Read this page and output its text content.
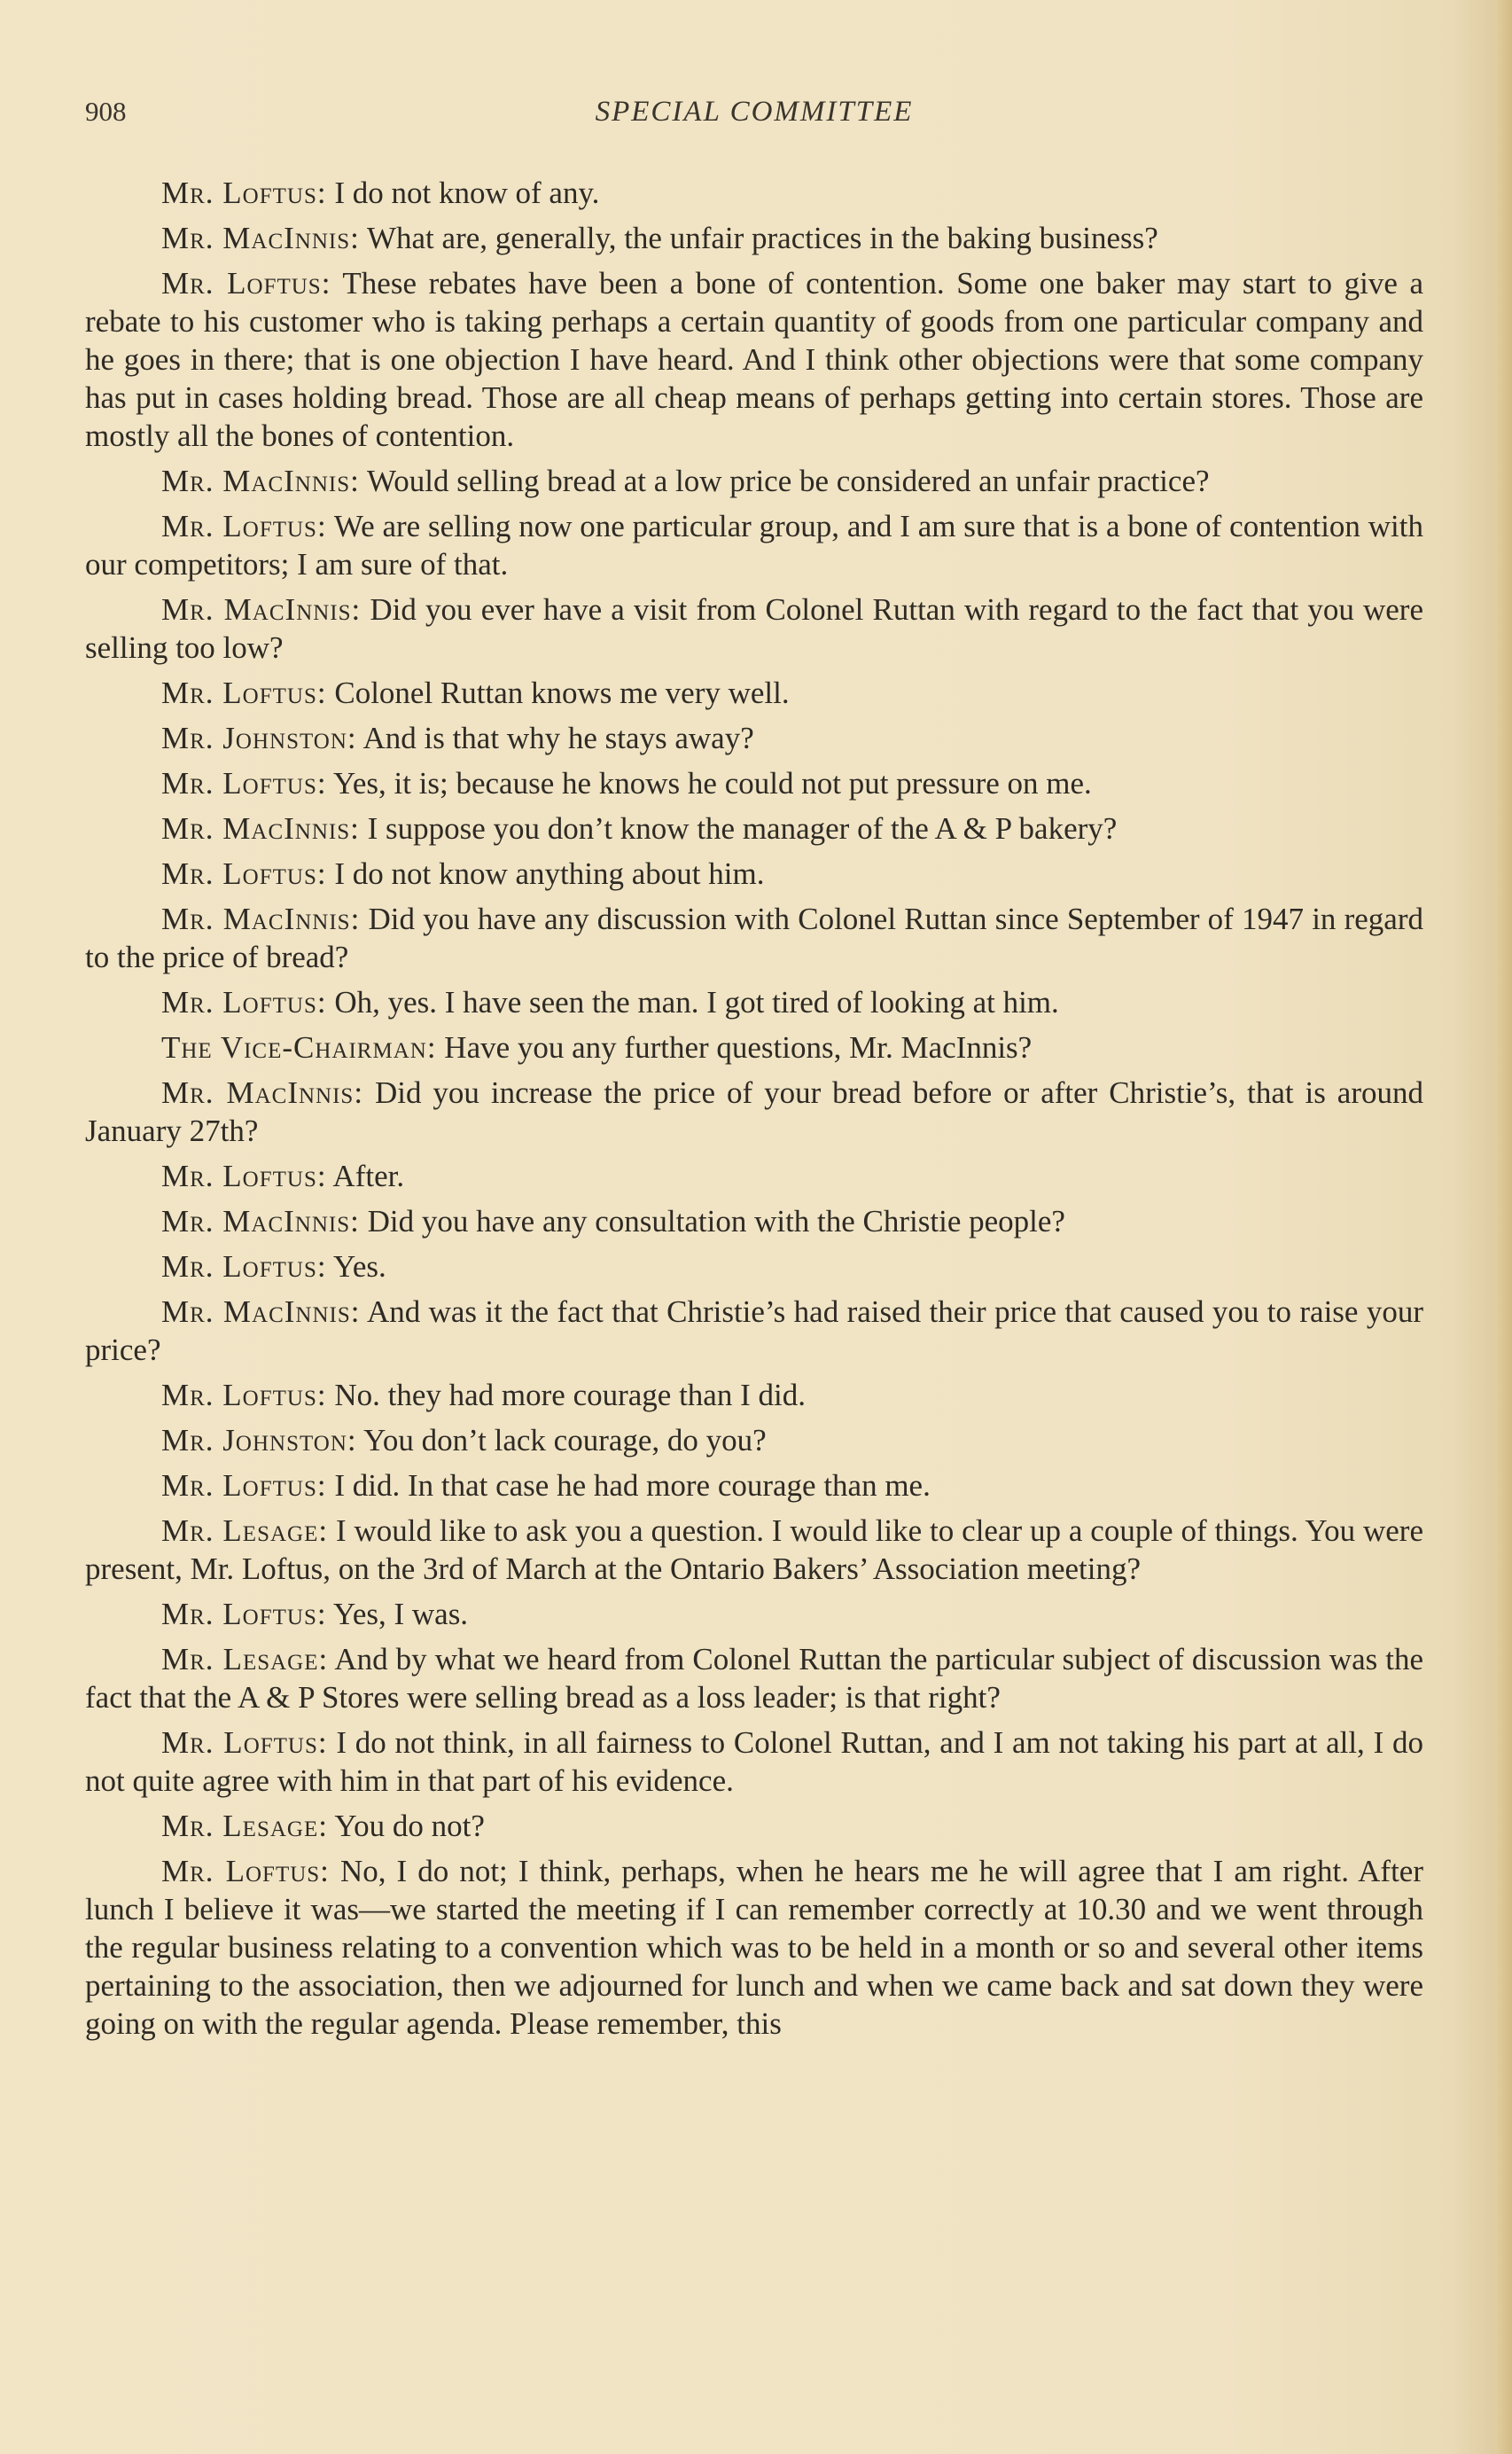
908	SPECIAL COMMITTEE

Mr. Loftus: I do not know of any.

Mr. MacInnis: What are, generally, the unfair practices in the baking business?

Mr. Loftus: These rebates have been a bone of contention. Some one baker may start to give a rebate to his customer who is taking perhaps a certain quantity of goods from one particular company and he goes in there; that is one objection I have heard. And I think other objections were that some company has put in cases holding bread. Those are all cheap means of perhaps getting into certain stores. Those are mostly all the bones of contention.

Mr. MacInnis: Would selling bread at a low price be considered an unfair practice?

Mr. Loftus: We are selling now one particular group, and I am sure that is a bone of contention with our competitors; I am sure of that.

Mr. MacInnis: Did you ever have a visit from Colonel Ruttan with regard to the fact that you were selling too low?

Mr. Loftus: Colonel Ruttan knows me very well.

Mr. Johnston: And is that why he stays away?

Mr. Loftus: Yes, it is; because he knows he could not put pressure on me.

Mr. MacInnis: I suppose you don’t know the manager of the A & P bakery?

Mr. Loftus: I do not know anything about him.

Mr. MacInnis: Did you have any discussion with Colonel Ruttan since September of 1947 in regard to the price of bread?

Mr. Loftus: Oh, yes. I have seen the man. I got tired of looking at him.

The Vice-Chairman: Have you any further questions, Mr. MacInnis?

Mr. MacInnis: Did you increase the price of your bread before or after Christie’s, that is around January 27th?

Mr. Loftus: After.

Mr. MacInnis: Did you have any consultation with the Christie people?

Mr. Loftus: Yes.

Mr. MacInnis: And was it the fact that Christie’s had raised their price that caused you to raise your price?

Mr. Loftus: No. they had more courage than I did.

Mr. Johnston: You don’t lack courage, do you?

Mr. Loftus: I did. In that case he had more courage than me.

Mr. Lesage: I would like to ask you a question. I would like to clear up a couple of things. You were present, Mr. Loftus, on the 3rd of March at the Ontario Bakers’ Association meeting?

Mr. Loftus: Yes, I was.

Mr. Lesage: And by what we heard from Colonel Ruttan the particular subject of discussion was the fact that the A & P Stores were selling bread as a loss leader; is that right?

Mr. Loftus: I do not think, in all fairness to Colonel Ruttan, and I am not taking his part at all, I do not quite agree with him in that part of his evidence.

Mr. Lesage: You do not?

Mr. Loftus: No, I do not; I think, perhaps, when he hears me he will agree that I am right. After lunch I believe it was—we started the meeting if I can remember correctly at 10.30 and we went through the regular business relating to a convention which was to be held in a month or so and several other items pertaining to the association, then we adjourned for lunch and when we came back and sat down they were going on with the regular agenda. Please remember, this
